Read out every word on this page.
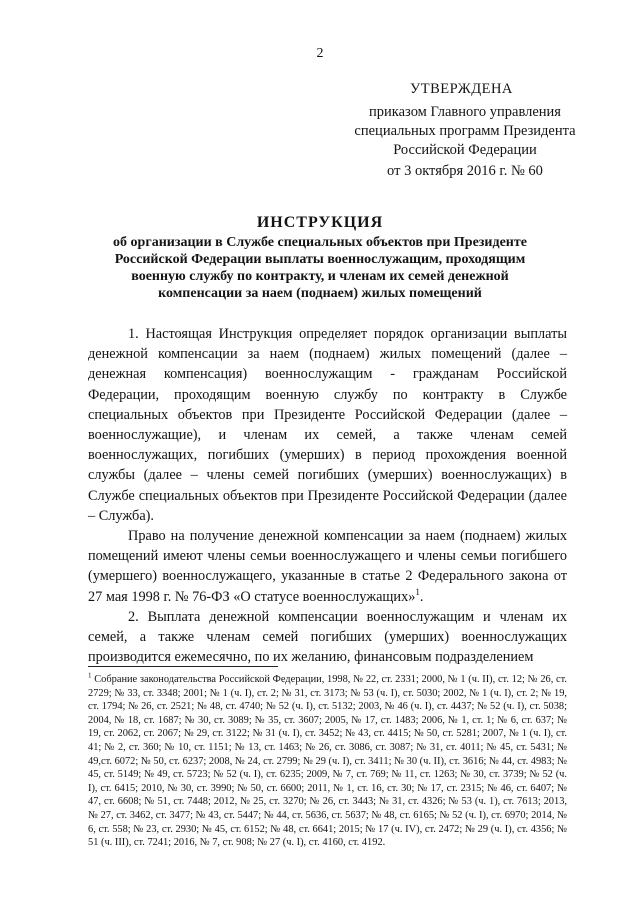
2
УТВЕРЖДЕНА
приказом Главного управления
специальных программ Президента
Российской Федерации
от 3 октября 2016 г. № 60
ИНСТРУКЦИЯ
об организации в Службе специальных объектов при Президенте Российской Федерации выплаты военнослужащим, проходящим военную службу по контракту, и членам их семей денежной компенсации за наем (поднаем) жилых помещений

1. Настоящая Инструкция определяет порядок организации выплаты денежной компенсации за наем (поднаем) жилых помещений (далее – денежная компенсация) военнослужащим - гражданам Российской Федерации, проходящим военную службу по контракту в Службе специальных объектов при Президенте Российской Федерации (далее – военнослужащие), и членам их семей, а также членам семей военнослужащих, погибших (умерших) в период прохождения военной службы (далее – члены семей погибших (умерших) военнослужащих) в Службе специальных объектов при Президенте Российской Федерации (далее – Служба).

Право на получение денежной компенсации за наем (поднаем) жилых помещений имеют члены семьи военнослужащего и члены семьи погибшего (умершего) военнослужащего, указанные в статье 2 Федерального закона от 27 мая 1998 г. № 76-ФЗ «О статусе военнослужащих»$^1$.

2. Выплата денежной компенсации военнослужащим и членам их семей, а также членам семей погибших (умерших) военнослужащих производится ежемесячно, по их желанию, финансовым подразделением

$^1$ Собрание законодательства Российской Федерации, 1998, № 22, ст. 2331; 2000, № 1 (ч. II), ст. 12; № 26, ст. 2729; № 33, ст. 3348; 2001; № 1 (ч. I), ст. 2; № 31, ст. 3173; № 53 (ч. I), ст. 5030; 2002, № 1 (ч. I), ст. 2; № 19, ст. 1794; № 26, ст. 2521; № 48, ст. 4740; № 52 (ч. I), ст. 5132; 2003, № 46 (ч. I), ст. 4437; № 52 (ч. I), ст. 5038; 2004, № 18, ст. 1687; № 30, ст. 3089; № 35, ст. 3607; 2005, № 17, ст. 1483; 2006, № 1, ст. 1; № 6, ст. 637; № 19, ст. 2062, ст. 2067; № 29, ст. 3122; № 31 (ч. I), ст. 3452; № 43, ст. 4415; № 50, ст. 5281; 2007, № 1 (ч. I), ст. 41; № 2, ст. 360; № 10, ст. 1151; № 13, ст. 1463; № 26, ст. 3086, ст. 3087; № 31, ст. 4011; № 45, ст. 5431; № 49,ст. 6072; № 50, ст. 6237; 2008, № 24, ст. 2799; № 29 (ч. I), ст. 3411; № 30 (ч. II), ст. 3616; № 44, ст. 4983; № 45, ст. 5149; № 49, ст. 5723; № 52 (ч. I), ст. 6235; 2009, № 7, ст. 769; № 11, ст. 1263; № 30, ст. 3739; № 52 (ч. I), ст. 6415; 2010, № 30, ст. 3990; № 50, ст. 6600; 2011, № 1, ст. 16, ст. 30; № 17, ст. 2315; № 46, ст. 6407; № 47, ст. 6608; № 51, ст. 7448; 2012, № 25, ст. 3270; № 26, ст. 3443; № 31, ст. 4326; № 53 (ч. 1), ст. 7613; 2013, № 27, ст. 3462, ст. 3477; № 43, ст. 5447; № 44, ст. 5636, ст. 5637; № 48, ст. 6165; № 52 (ч. I), ст. 6970; 2014, № 6, ст. 558; № 23, ст. 2930; № 45, ст. 6152; № 48, ст. 6641; 2015; № 17 (ч. IV), ст. 2472; № 29 (ч. I), ст. 4356; № 51 (ч. III), ст. 7241; 2016, № 7, ст. 908; № 27 (ч. I), ст. 4160, ст. 4192.
